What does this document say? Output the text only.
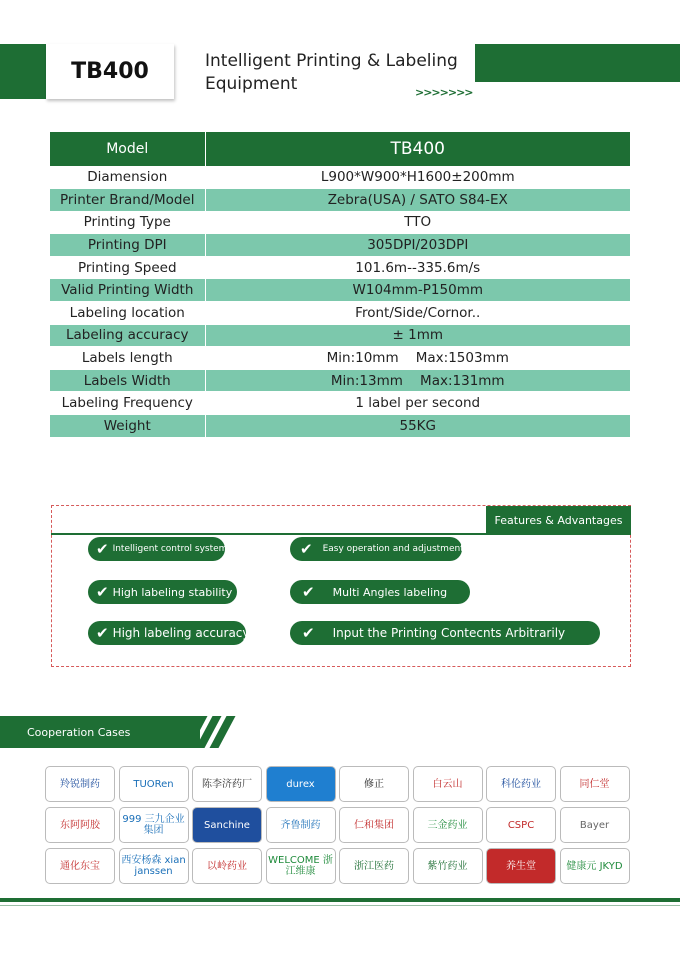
TB400	Intelligent Printing & Labeling Equipment	>>>>>>>
Model	TB400
Diamension	L900*W900*H1600±200mm
Printer Brand/Model	Zebra(USA) / SATO S84-EX
Printing Type	TTO
Printing DPI	305DPI/203DPI
Printing Speed	101.6m--335.6m/s
Valid Printing Width	W104mm-P150mm
Labeling location	Front/Side/Cornor..
Labeling accuracy	± 1mm
Labels length	Min:10mm    Max:1503mm
Labels Width	Min:13mm    Max:131mm
Labeling Frequency	1 label per second
Weight	55KG
Features & Advantages
✔ Intelligent control system	✔ Easy operation and adjustment
✔ High labeling stability	✔ Multi Angles labeling
✔ High labeling accuracy	✔ Input the Printing Contecnts Arbitrarily
Cooperation Cases
羚锐制药	TUORen	陈李济药厂	durex	修正	白云山	科伦药业	同仁堂
东阿阿胶 999 三九企业集团	Sanchine	齐鲁制药	仁和集团	三金药业	CSPC	Bayer
通化东宝 西安杨森 xian janssen	以岭药业 WELCOME 浙江维康	浙江医药	紫竹药业	养生堂	健康元 JKYD
